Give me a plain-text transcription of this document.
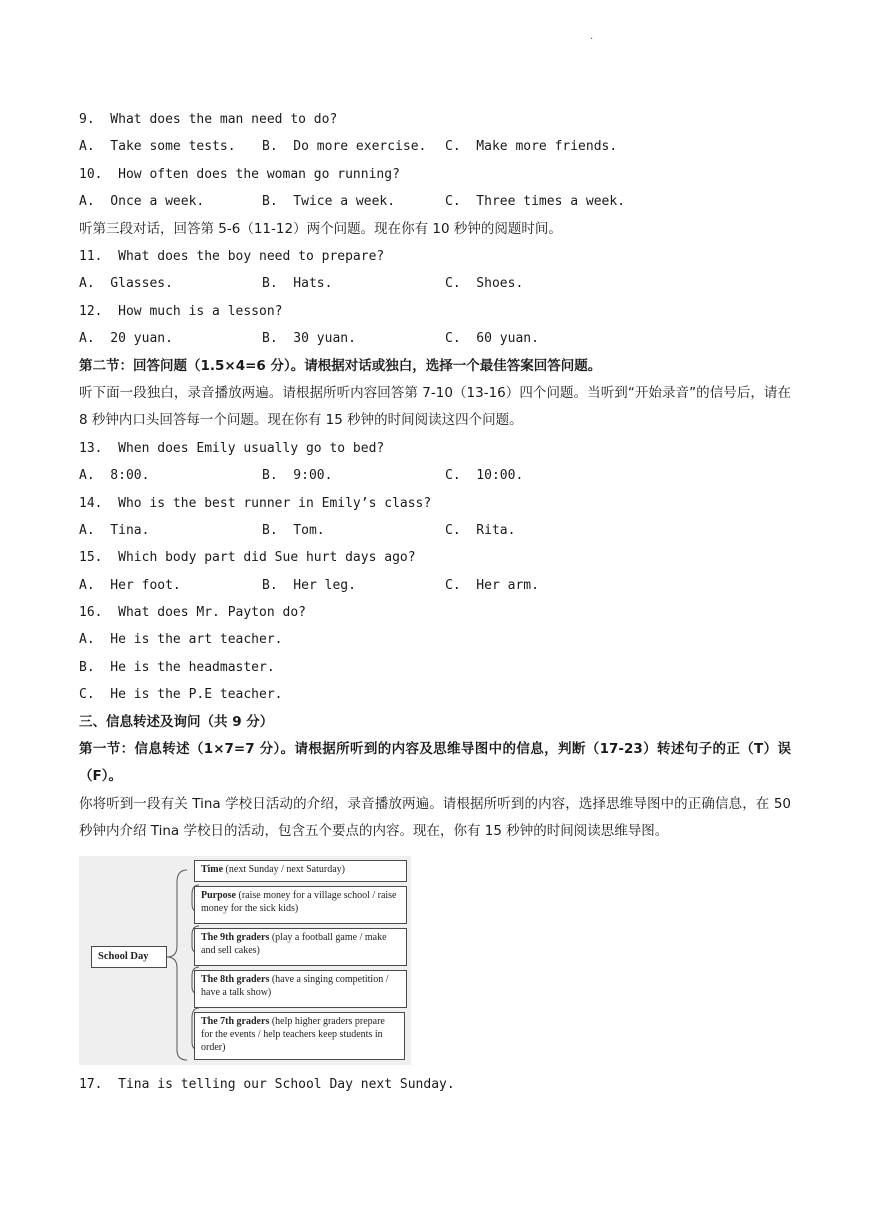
·
9.  What does the man need to do?
A.  Take some tests. B.  Do more exercise. C.  Make more friends.
10.  How often does the woman go running?
A.  Once a week.	B.  Twice a week.	C.  Three times a week.
听第三段对话，回答第 5-6（11-12）两个问题。现在你有 10 秒钟的阅题时间。
11.  What does the boy need to prepare?
A.  Glasses.	B.  Hats.	C.  Shoes.
12.  How much is a lesson?
A.  20 yuan.	B.  30 yuan.	C.  60 yuan.
第二节：回答问题（1.5×4=6 分）。请根据对话或独白，选择一个最佳答案回答问题。
听下面一段独白，录音播放两遍。请根据所听内容回答第 7-10（13-16）四个问题。当听到“开始录音”的信号后，请在 8 秒钟内口头回答每一个问题。现在你有 15 秒钟的时间阅读这四个问题。
13.  When does Emily usually go to bed?
A.  8:00.	B.  9:00.	C.  10:00.
14.  Who is the best runner in Emily’s class?
A.  Tina.	B.  Tom.	C.  Rita.
15.  Which body part did Sue hurt days ago?
A.  Her foot.	B.  Her leg.	C.  Her arm.
16.  What does Mr. Payton do?
A.  He is the art teacher.
B.  He is the headmaster.
C.  He is the P.E teacher.
三、信息转述及询问（共 9 分）
第一节：信息转述（1×7=7 分）。请根据所听到的内容及思维导图中的信息，判断（17-23）转述句子的正（T）误（F）。
你将听到一段有关 Tina 学校日活动的介绍，录音播放两遍。请根据所听到的内容，选择思维导图中的正确信息，在 50 秒钟内介绍 Tina 学校日的活动，包含五个要点的内容。现在，你有 15 秒钟的时间阅读思维导图。
School Day
Time (next Sunday / next Saturday)
Purpose (raise money for a village school / raise money for the sick kids)
The 9th graders (play a football game / make and sell cakes)
The 8th graders (have a singing competition / have a talk show)
The 7th graders (help higher graders prepare for the events / help teachers keep students in order)
17.  Tina is telling our School Day next Sunday.
